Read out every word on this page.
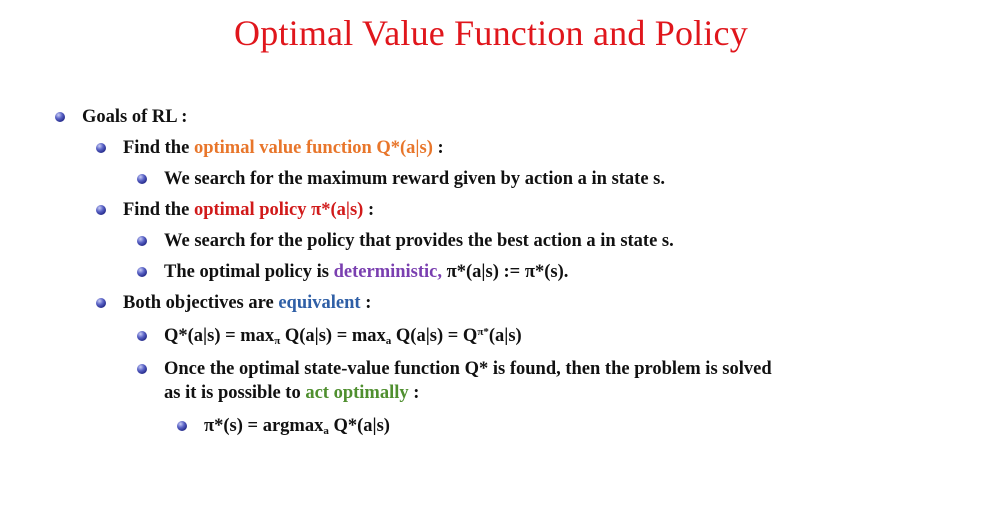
Optimal Value Function and Policy
Goals of RL :
Find the optimal value function Q*(a|s) :
We search for the maximum reward given by action a in state s.
Find the optimal policy π*(a|s) :
We search for the policy that provides the best action a in state s.
The optimal policy is deterministic, π*(a|s) := π*(s).
Both objectives are equivalent :
$Q*(a|s) = \max_\pi Q(a|s) = \max_a Q(a|s) = Q^{\pi*}(a|s)$
Once the optimal state-value function Q* is found, then the problem is solved
as it is possible to act optimally :
π*(s) = argmax$_a$ Q*(a|s)
